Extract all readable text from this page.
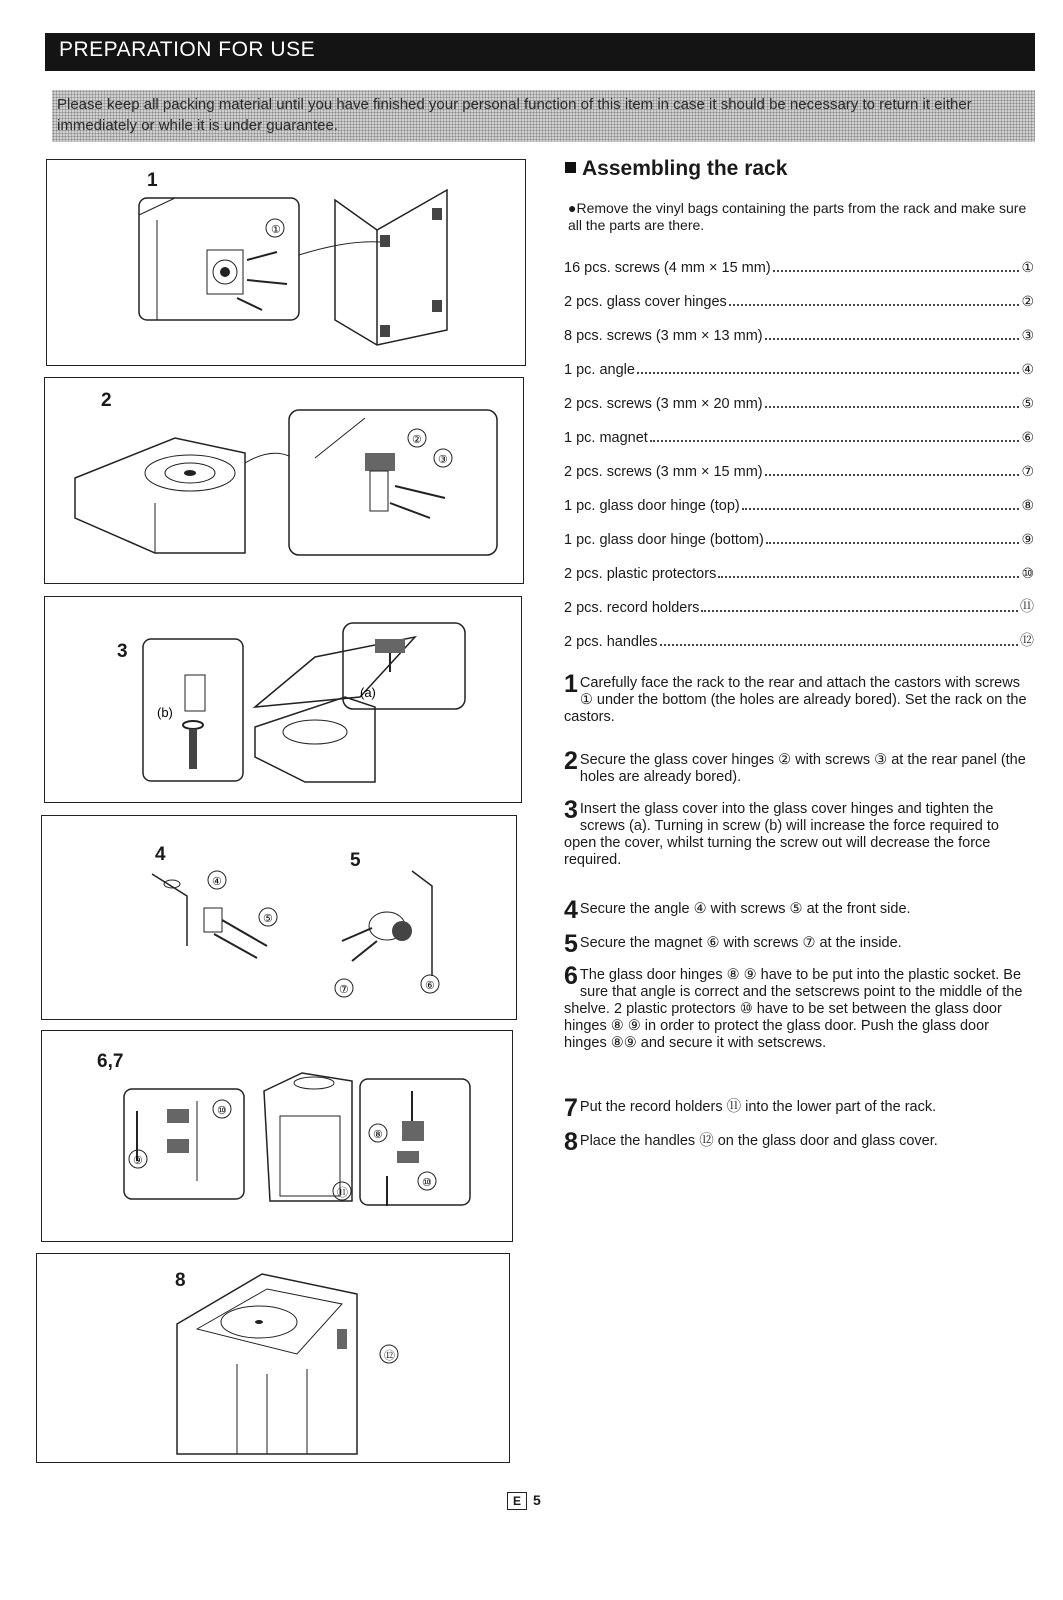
PREPARATION FOR USE
Please keep all packing material until you have finished your personal function of this item in case it should be necessary to return it either immediately or while it is under guarantee.
1
①
2
②
③
3
(b)
(a)
4	5
④
⑤
⑦	⑥
6,7
⑩
⑨
⑪
⑧
⑩
8
⑫
Assembling the rack
●Remove the vinyl bags containing the parts from the rack and make sure all the parts are there.
16 pcs. screws (4 mm × 15 mm)	①
2 pcs. glass cover hinges	②
8 pcs. screws (3 mm × 13 mm)	③
1 pc. angle	④
2 pcs. screws (3 mm × 20 mm)	⑤
1 pc. magnet	⑥
2 pcs. screws (3 mm × 15 mm)	⑦
1 pc. glass door hinge (top)	⑧
1 pc. glass door hinge (bottom)	⑨
2 pcs. plastic protectors	⑩
2 pcs. record holders	⑪
2 pcs. handles	⑫
1 Carefully face the rack to the rear and attach the castors with screws ① under the bottom (the holes are already bored). Set the rack on the castors.
2 Secure the glass cover hinges ② with screws ③ at the rear panel (the holes are already bored).
3 Insert the glass cover into the glass cover hinges and tighten the screws (a). Turning in screw (b) will increase the force required to open the cover, whilst turning the screw out will decrease the force required.
4 Secure the angle ④ with screws ⑤ at the front side.
5 Secure the magnet ⑥ with screws ⑦ at the inside.
6 The glass door hinges ⑧ ⑨ have to be put into the plastic socket. Be sure that angle is correct and the setscrews point to the middle of the shelve. 2 plastic protectors ⑩ have to be set between the glass door hinges ⑧ ⑨ in order to protect the glass door. Push the glass door hinges ⑧⑨ and secure it with setscrews.
7 Put the record holders ⑪ into the lower part of the rack.
8 Place the handles ⑫ on the glass door and glass cover.
E 5
